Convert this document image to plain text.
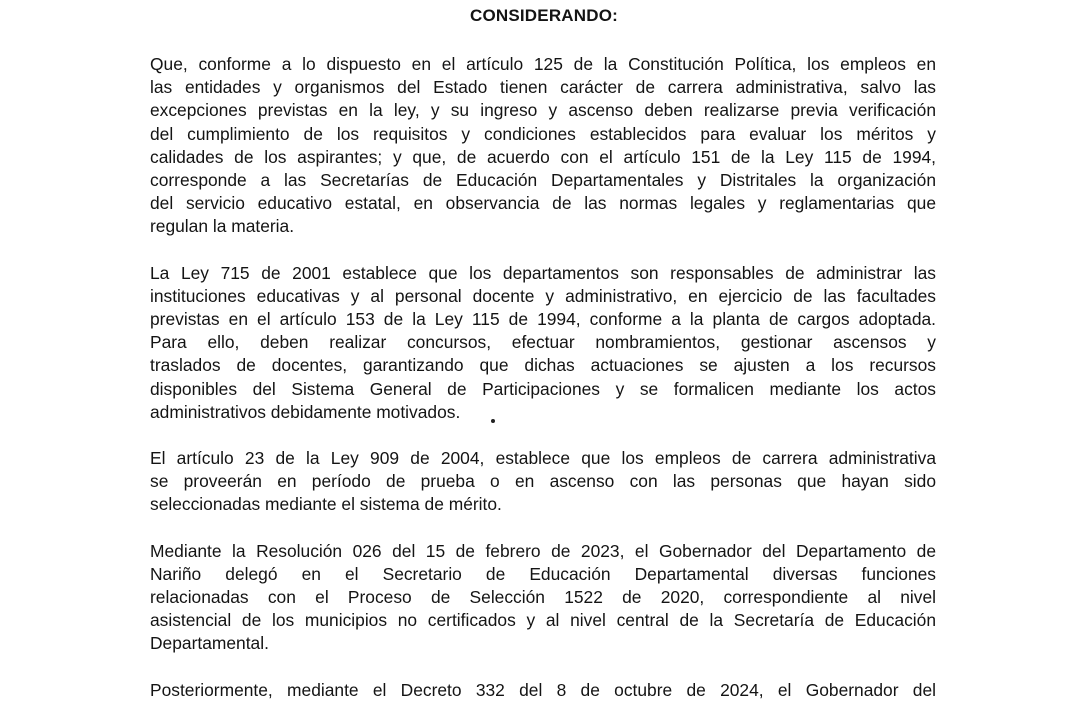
CONSIDERANDO:

Que, conforme a lo dispuesto en el artículo 125 de la Constitución Política, los empleos en
las entidades y organismos del Estado tienen carácter de carrera administrativa, salvo las
excepciones previstas en la ley, y su ingreso y ascenso deben realizarse previa verificación
del cumplimiento de los requisitos y condiciones establecidos para evaluar los méritos y
calidades de los aspirantes; y que, de acuerdo con el artículo 151 de la Ley 115 de 1994,
corresponde a las Secretarías de Educación Departamentales y Distritales la organización
del servicio educativo estatal, en observancia de las normas legales y reglamentarias que
regulan la materia.

La Ley 715 de 2001 establece que los departamentos son responsables de administrar las
instituciones educativas y al personal docente y administrativo, en ejercicio de las facultades
previstas en el artículo 153 de la Ley 115 de 1994, conforme a la planta de cargos adoptada.
Para ello, deben realizar concursos, efectuar nombramientos, gestionar ascensos y
traslados de docentes, garantizando que dichas actuaciones se ajusten a los recursos
disponibles del Sistema General de Participaciones y se formalicen mediante los actos
administrativos debidamente motivados.

El artículo 23 de la Ley 909 de 2004, establece que los empleos de carrera administrativa
se proveerán en período de prueba o en ascenso con las personas que hayan sido
seleccionadas mediante el sistema de mérito.

Mediante la Resolución 026 del 15 de febrero de 2023, el Gobernador del Departamento de
Nariño delegó en el Secretario de Educación Departamental diversas funciones
relacionadas con el Proceso de Selección 1522 de 2020, correspondiente al nivel
asistencial de los municipios no certificados y al nivel central de la Secretaría de Educación
Departamental.

Posteriormente, mediante el Decreto 332 del 8 de octubre de 2024, el Gobernador del
